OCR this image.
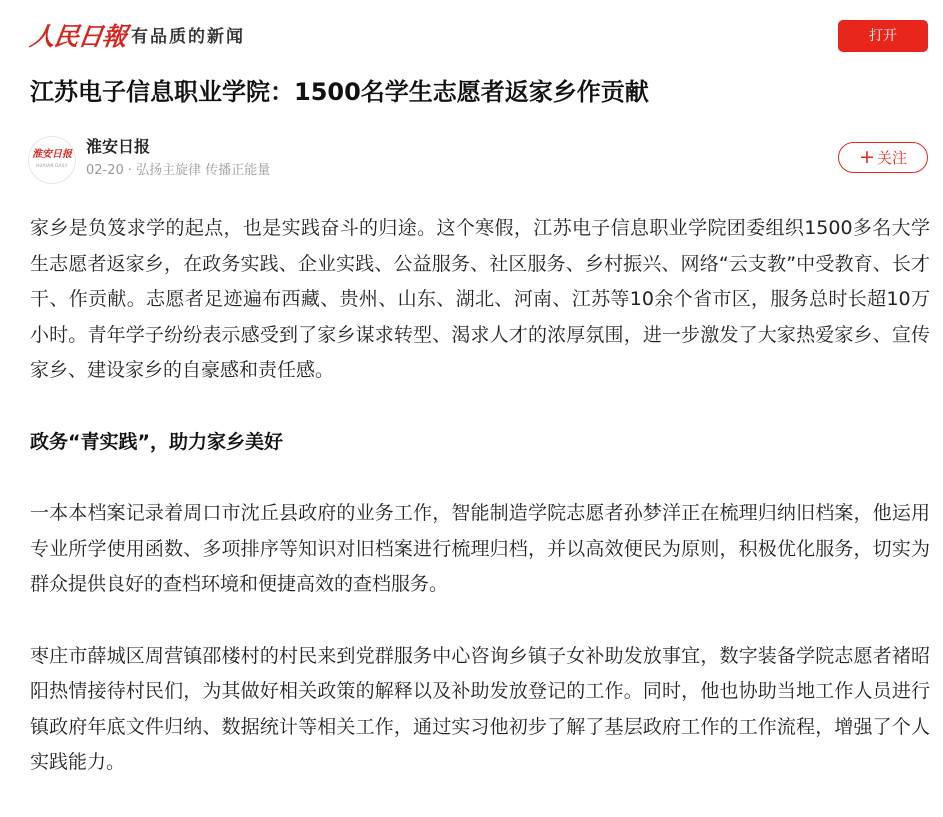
人民日報 有品质的新闻	打开
江苏电子信息职业学院：1500名学生志愿者返家乡作贡献
淮安日报
HUAIAN DAILY
淮安日报
02-20 · 弘扬主旋律 传播正能量
+ 关注

家乡是负笈求学的起点，也是实践奋斗的归途。这个寒假，江苏电子信息职业学院团委组织1500多名大学生志愿者返家乡，在政务实践、企业实践、公益服务、社区服务、乡村振兴、网络“云支教”中受教育、长才干、作贡献。志愿者足迹遍布西藏、贵州、山东、湖北、河南、江苏等10余个省市区，服务总时长超10万小时。青年学子纷纷表示感受到了家乡谋求转型、渴求人才的浓厚氛围，进一步激发了大家热爱家乡、宣传家乡、建设家乡的自豪感和责任感。

政务“青实践”，助力家乡美好

一本本档案记录着周口市沈丘县政府的业务工作，智能制造学院志愿者孙梦洋正在梳理归纳旧档案，他运用专业所学使用函数、多项排序等知识对旧档案进行梳理归档，并以高效便民为原则，积极优化服务，切实为群众提供良好的查档环境和便捷高效的查档服务。

枣庄市薛城区周营镇邵楼村的村民来到党群服务中心咨询乡镇子女补助发放事宜，数字装备学院志愿者褚昭阳热情接待村民们，为其做好相关政策的解释以及补助发放登记的工作。同时，他也协助当地工作人员进行镇政府年底文件归纳、数据统计等相关工作，通过实习他初步了解了基层政府工作的工作流程，增强了个人实践能力。
